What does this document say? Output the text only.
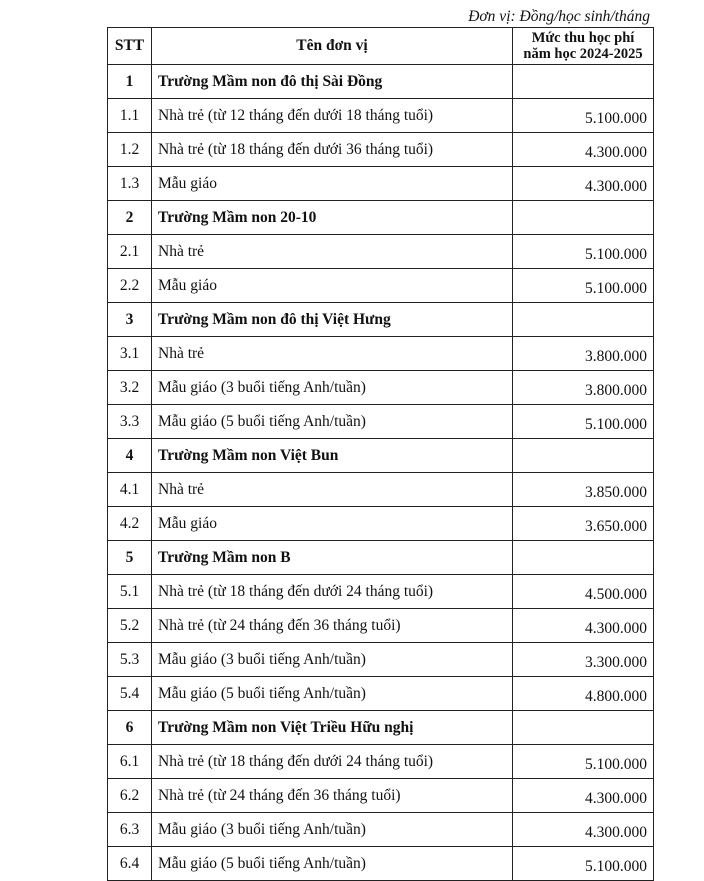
Đơn vị: Đồng/học sinh/tháng
STT	Tên đơn vị	Mức thu học phí
năm học 2024-2025
1	Trường Mầm non đô thị Sài Đồng	
1.1	Nhà trẻ (từ 12 tháng đến dưới 18 tháng tuổi)	5.100.000
1.2	Nhà trẻ (từ 18 tháng đến dưới 36 tháng tuổi)	4.300.000
1.3	Mẫu giáo	4.300.000
2	Trường Mầm non 20-10	
2.1	Nhà trẻ	5.100.000
2.2	Mẫu giáo	5.100.000
3	Trường Mầm non đô thị Việt Hưng	
3.1	Nhà trẻ	3.800.000
3.2	Mẫu giáo (3 buổi tiếng Anh/tuần)	3.800.000
3.3	Mẫu giáo (5 buổi tiếng Anh/tuần)	5.100.000
4	Trường Mầm non Việt Bun	
4.1	Nhà trẻ	3.850.000
4.2	Mẫu giáo	3.650.000
5	Trường Mầm non B	
5.1	Nhà trẻ (từ 18 tháng đến dưới 24 tháng tuổi)	4.500.000
5.2	Nhà trẻ (từ 24 tháng đến 36 tháng tuổi)	4.300.000
5.3	Mẫu giáo (3 buổi tiếng Anh/tuần)	3.300.000
5.4	Mẫu giáo (5 buổi tiếng Anh/tuần)	4.800.000
6	Trường Mầm non Việt Triều Hữu nghị	
6.1	Nhà trẻ (từ 18 tháng đến dưới 24 tháng tuổi)	5.100.000
6.2	Nhà trẻ (từ 24 tháng đến 36 tháng tuổi)	4.300.000
6.3	Mẫu giáo (3 buổi tiếng Anh/tuần)	4.300.000
6.4	Mẫu giáo (5 buổi tiếng Anh/tuần)	5.100.000
